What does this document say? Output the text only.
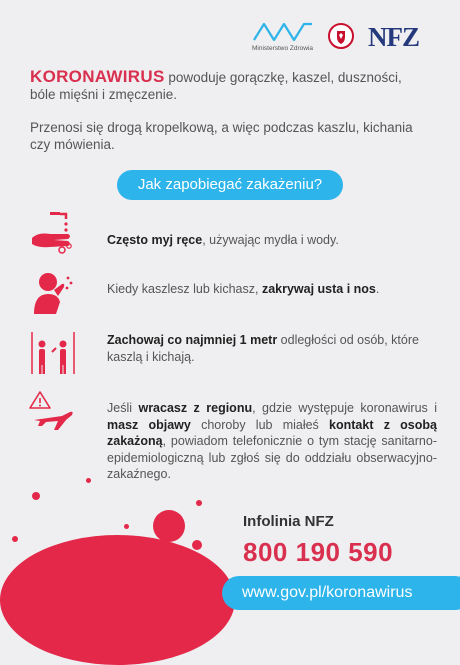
Ministerstwo Zdrowia NFZ

KORONAWIRUS powoduje gorączkę, kaszel, duszności, bóle mięśni i zmęczenie.

Przenosi się drogą kropelkową, a więc podczas kaszlu, kichania czy mówienia.

Jak zapobiegać zakażeniu?
Często myj ręce, używając mydła i wody.
Kiedy kaszlesz lub kichasz, zakrywaj usta i nos.
Zachowaj co najmniej 1 metr odległości od osób, które kaszlą i kichają.
Jeśli wracasz z regionu, gdzie występuje koronawirus i masz objawy choroby lub miałeś kontakt z osobą zakażoną, powiadom telefonicznie o tym stację sanitarno-epidemiologiczną lub zgłoś się do oddziału obserwacyjno-zakaźnego.
Infolinia NFZ
800 190 590
www.gov.pl/koronawirus
